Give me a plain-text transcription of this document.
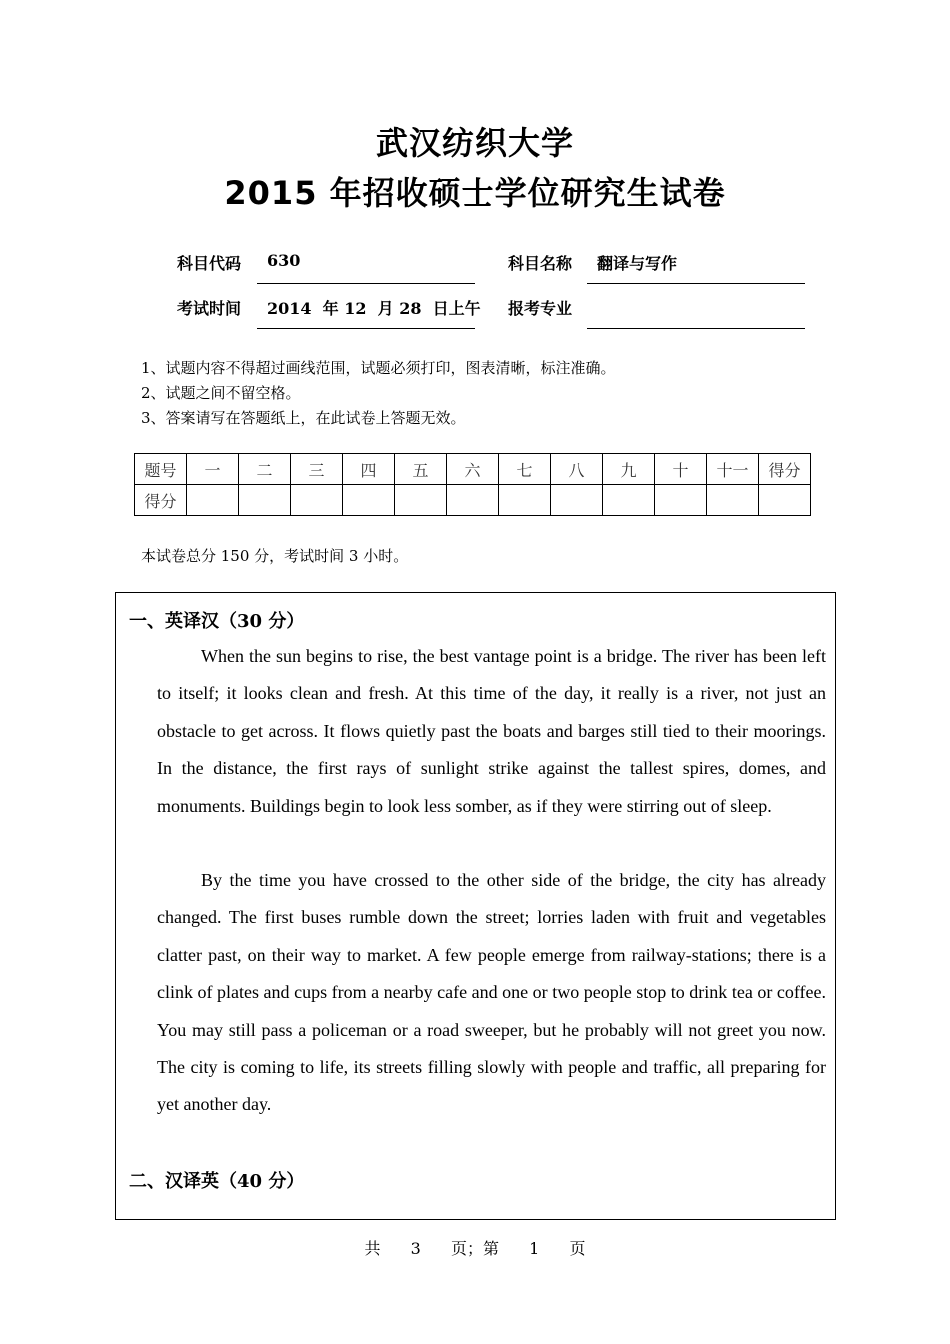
武汉纺织大学
2015 年招收硕士学位研究生试卷
科目代码 630	科目名称 翻译与写作
考试时间 2014  年 12  月 28  日上午 报考专业
1、试题内容不得超过画线范围，试题必须打印，图表清晰，标注准确。
2、试题之间不留空格。
3、答案请写在答题纸上，在此试卷上答题无效。
题号	一	二	三	四	五	六	七	八	九	十	十一	得分
得分												
本试卷总分 150 分，考试时间 3 小时。
一、英译汉（30 分）

When the sun begins to rise, the best vantage point is a bridge. The river has been left to itself; it looks clean and fresh. At this time of the day, it really is a river, not just an obstacle to get across. It flows quietly past the boats and barges still tied to their moorings. In the distance, the first rays of sunlight strike against the tallest spires, domes, and monuments. Buildings begin to look less somber, as if they were stirring out of sleep.

By the time you have crossed to the other side of the bridge, the city has already changed. The first buses rumble down the street; lorries laden with fruit and vegetables clatter past, on their way to market. A few people emerge from railway-stations; there is a clink of plates and cups from a nearby cafe and one or two people stop to drink tea or coffee. You may still pass a policeman or a road sweeper, but he probably will not greet you now. The city is coming to life, its streets filling slowly with people and traffic, all preparing for yet another day.

二、汉译英（40 分）
共  3  页；第  1  页
